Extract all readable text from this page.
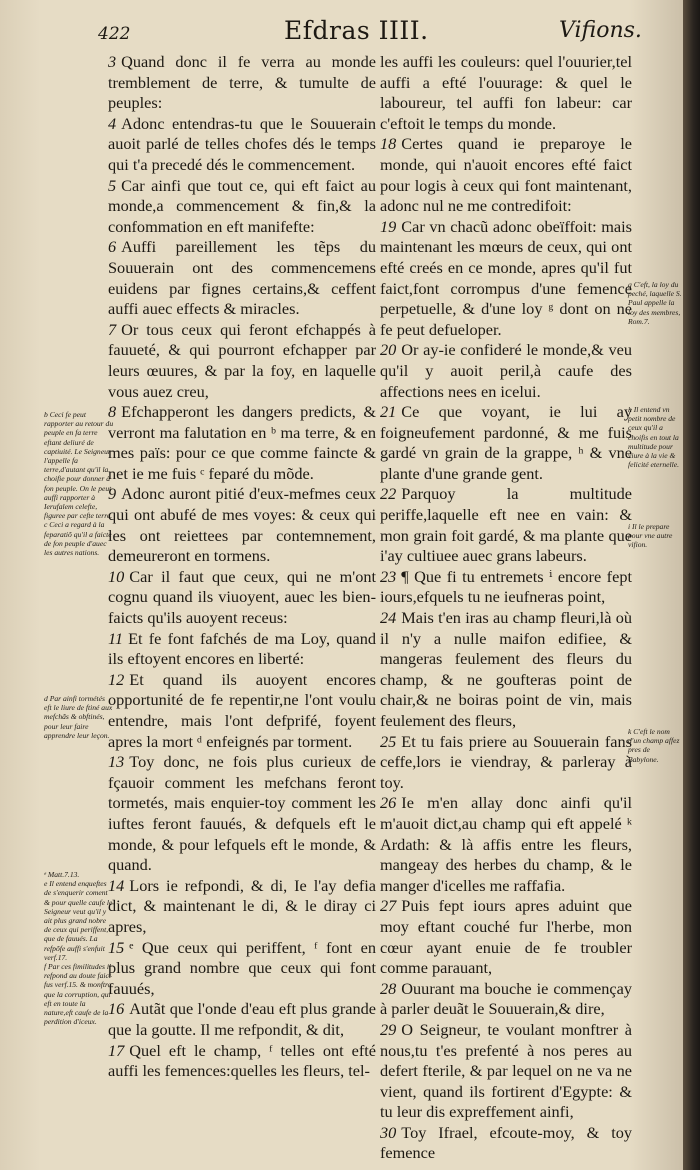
422	Efdras IIII.	Vifions.

3 Quand donc il fe verra au monde tremblement de terre, & tumulte de peuples:

4 Adonc entendras-tu que le Souuerain auoit parlé de telles chofes dés le temps qui t'a precedé dés le commencement.

5 Car ainfi que tout ce, qui eft faict au monde,a commencement & fin,& la confommation en eft manifefte:

6 Auffi pareillement les tẽps du Souuerain ont des commencemens euidens par fignes certains,& ceffent auffi auec effects & miracles.

7 Or tous ceux qui feront efchappés à fauueté, & qui pourront efchapper par leurs œuures, & par la foy, en laquelle vous auez creu,

8 Efchapperont les dangers predicts, & verront ma falutation en ᵇ ma terre, & en mes païs: pour ce que comme faincte & net ie me fuis ᶜ feparé du mõde.

9 Adonc auront pitié d'eux-mefmes ceux qui ont abufé de mes voyes: & ceux qui les ont reiettees par contemnement, demeureront en tormens.

10 Car il faut que ceux, qui ne m'ont cognu quand ils viuoyent, auec les bien-faicts qu'ils auoyent receus:

11 Et fe font fafchés de ma Loy, quand ils eftoyent encores en liberté:

12 Et quand ils auoyent encores opportunité de fe repentir,ne l'ont voulu entendre, mais l'ont defprifé, foyent apres la mort ᵈ enfeignés par torment.

13 Toy donc, ne fois plus curieux de fçauoir comment les mefchans feront tormetés, mais enquier-toy comment les iuftes feront fauués, & defquels eft le monde, & pour lefquels eft le monde, & quand.

14 Lors ie refpondi, & di, Ie l'ay defia dict, & maintenant le di, & le diray ci apres,

15 ᵉ Que ceux qui periffent, ᶠ font en plus grand nombre que ceux qui font fauués,

16 Autãt que l'onde d'eau eft plus grande que la goutte. Il me refpondit, & dit,

17 Quel eft le champ, ᶠ telles ont efté auffi les femences:quelles les fleurs, tel-

les auffi les couleurs: quel l'ouurier,tel auffi a efté l'ouurage: & quel le laboureur, tel auffi fon labeur: car c'eftoit le temps du monde.

18 Certes quand ie preparoye le monde, qui n'auoit encores efté faict pour logis à ceux qui font maintenant, adonc nul ne me contredifoit:

19 Car vn chacũ adonc obeïffoit: mais maintenant les mœurs de ceux, qui ont efté creés en ce monde, apres qu'il fut faict,font corrompus d'une femence perpetuelle, & d'une loy ᵍ dont on ne fe peut defueloper.

20 Or ay-ie confideré le monde,& veu qu'il y auoit peril,à caufe des affections nees en icelui.

21 Ce que voyant, ie lui ay foigneufement pardonné, & me fuis gardé vn grain de la grappe, ʰ & vne plante d'une grande gent.

22 Parquoy la multitude periffe,laquelle eft nee en vain: & mon grain foit gardé, & ma plante que i'ay cultiuee auec grans labeurs.

23 ¶ Que fi tu entremets ⁱ encore fept iours,efquels tu ne ieufneras point,

24 Mais t'en iras au champ fleuri,là où il n'y a nulle maifon edifiee, & mangeras feulement des fleurs du champ, & ne goufteras point de chair,& ne boiras point de vin, mais feulement des fleurs,

25 Et tu fais priere au Souuerain fans ceffe,lors ie viendray, & parleray à toy.

26 Ie m'en allay donc ainfi qu'il m'auoit dict,au champ qui eft appelé ᵏ Ardath: & là affis entre les fleurs, mangeay des herbes du champ, & le manger d'icelles me raffafia.

27 Puis fept iours apres aduint que moy eftant couché fur l'herbe, mon cœur ayant enuie de fe troubler comme parauant,

28 Ouurant ma bouche ie commençay à parler deuãt le Souuerain,& dire,

29 O Seigneur, te voulant monftrer à nous,tu t'es prefenté à nos peres au defert fterile, & par lequel on ne va ne vient, quand ils fortirent d'Egypte: & tu leur dis expreffement ainfi,

30 Toy Ifrael, efcoute-moy, & toy femence

b Ceci fe peut rapporter au retour du peuple en fa terre eftant deliuré de captiuité. Le Seigneur l'appelle fa terre,d'autant qu'il la choifie pour donner à fon peuple. On le peut auffi rapporter à Ierufalem celefte, figuree par cefte terre.

c Ceci a regard à la feparatiõ qu'il a faicte de fon peuple d'auec les autres nations.

d Par ainfi tormétés eft le liure de ftiné aux mefchãs & obftinés, pour leur faire apprendre leur leçon.

ᵉ Matt.7.13.

e Il entend enqueftes de s'enquerir coment & pour quelle caufe le Seigneur veut qu'il y ait plus grand nobre de ceux qui periffent, que de fauués. La refpõfe auffi s'enfuit verf.17.

f Par ces fimilitudes il refpond au doute faict fus verf.15. & monftre que la corruption, qui eft en toute la nature,eft caufe de la perdition d'iceux.

g C'eft, la loy du peché, laquelle S. Paul appelle la loy des membres, Rom.7.

h Il entend vn petit nombre de ceux qu'il a choifis en tout la multitude pour viure à la vie & felicité eternelle.

i Il le prepare pour vne autre vifion.

k C'eft le nom d'un champ affez pres de Babylone.
